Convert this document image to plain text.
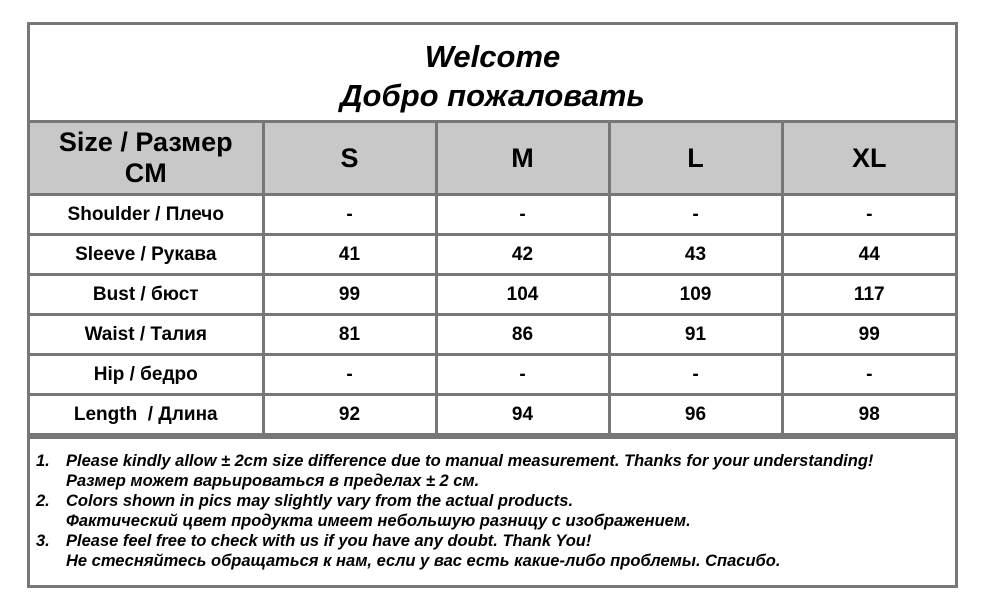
Welcome
Добро пожаловать
Size / Размер
CM	S	M	L	XL
Shoulder / Плечо	-	-	-	-
Sleeve / Рукава	41	42	43	44
Bust / бюст	99	104	109	117
Waist / Талия	81	86	91	99
Hip / бедро	-	-	-	-
Length  / Длина	92	94	96	98
1. Please kindly allow ± 2cm size difference due to manual measurement. Thanks for your understanding!
Размер может варьироваться в пределах ± 2 см.
2. Colors shown in pics may slightly vary from the actual products.
Фактический цвет продукта имеет небольшую разницу с изображением.
3. Please feel free to check with us if you have any doubt. Thank You!
Не стесняйтесь обращаться к нам, если у вас есть какие-либо проблемы. Спасибо.
